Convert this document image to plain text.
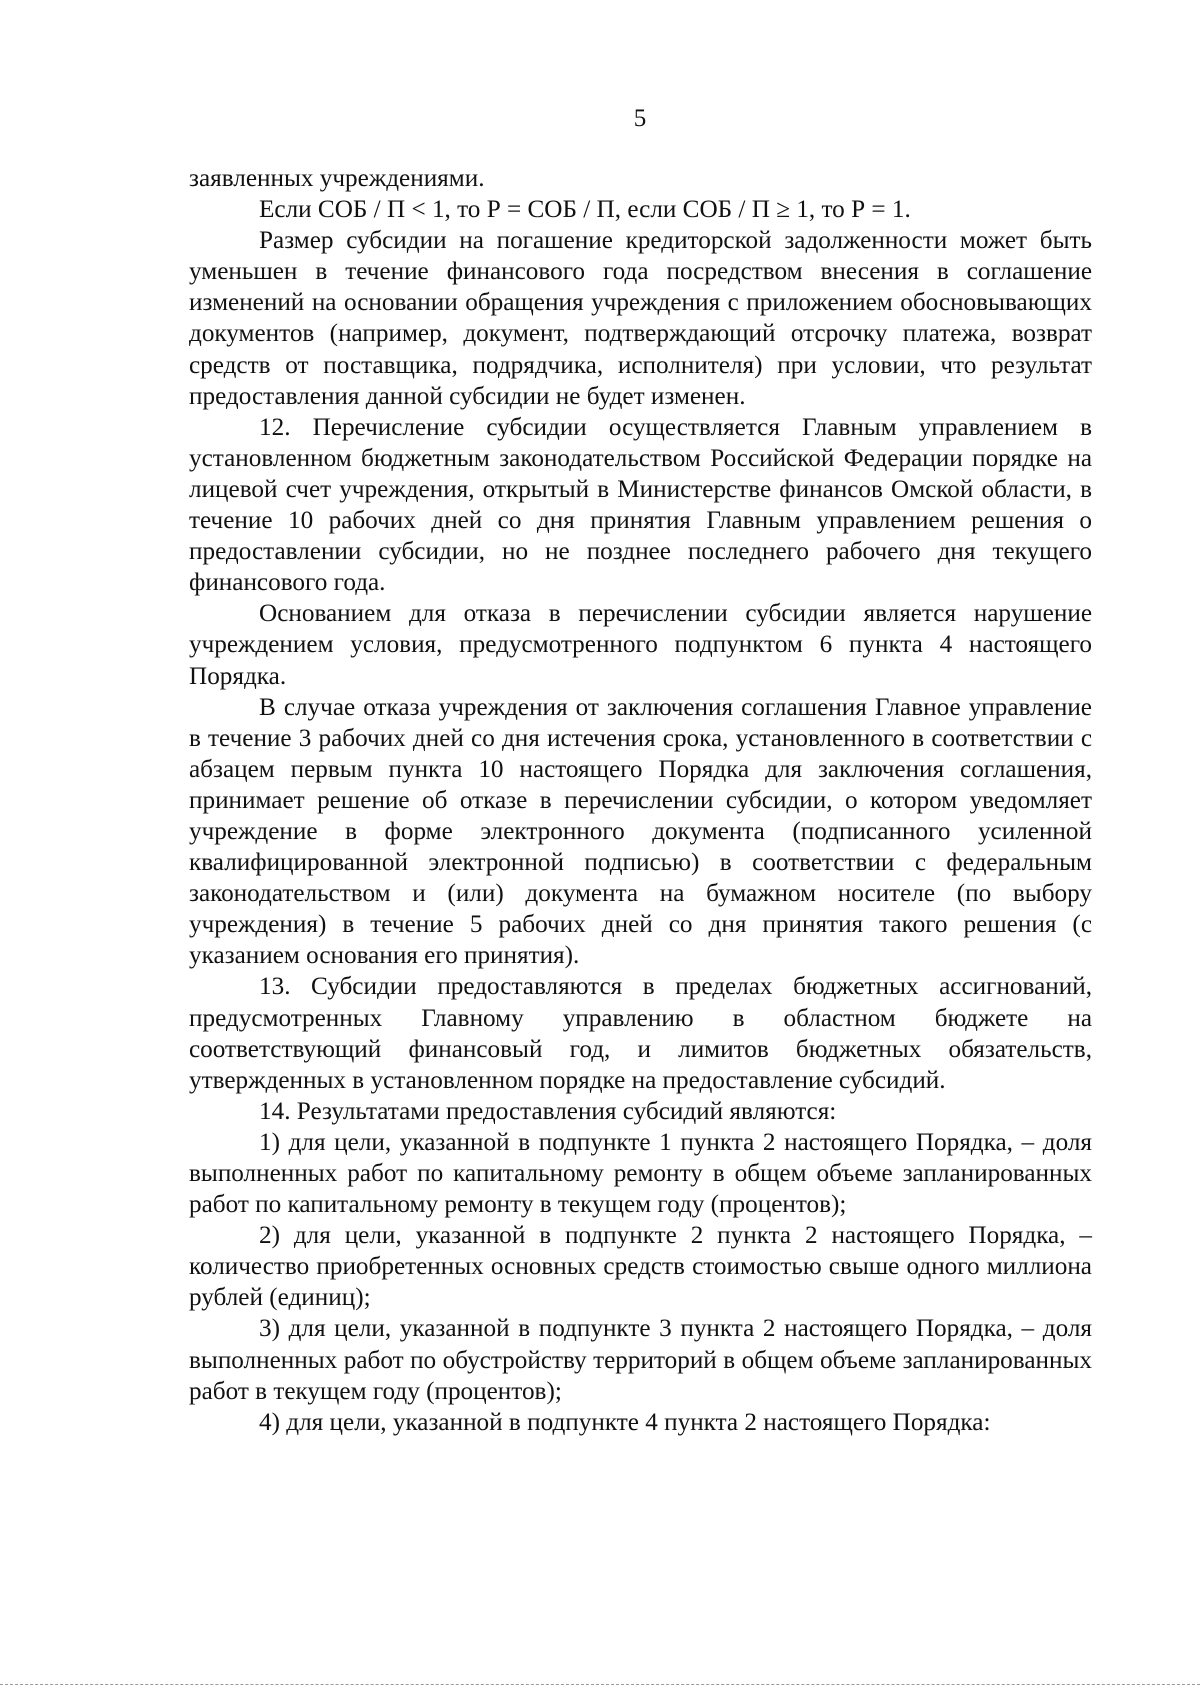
5

заявленных учреждениями.

Если СОБ / П < 1, то Р = СОБ / П, если СОБ / П ≥ 1, то Р = 1.

Размер субсидии на погашение кредиторской задолженности может быть уменьшен в течение финансового года посредством внесения в соглашение изменений на основании обращения учреждения с приложением обосновывающих документов (например, документ, подтверждающий отсрочку платежа, возврат средств от поставщика, подрядчика, исполнителя) при условии, что результат предоставления данной субсидии не будет изменен.

12. Перечисление субсидии осуществляется Главным управлением в установленном бюджетным законодательством Российской Федерации порядке на лицевой счет учреждения, открытый в Министерстве финансов Омской области, в течение 10 рабочих дней со дня принятия Главным управлением решения о предоставлении субсидии, но не позднее последнего рабочего дня текущего финансового года.

Основанием для отказа в перечислении субсидии является нарушение учреждением условия, предусмотренного подпунктом 6 пункта 4 настоящего Порядка.

В случае отказа учреждения от заключения соглашения Главное управление в течение 3 рабочих дней со дня истечения срока, установленного в соответствии с абзацем первым пункта 10 настоящего Порядка для заключения соглашения, принимает решение об отказе в перечислении субсидии, о котором уведомляет учреждение в форме электронного документа (подписанного усиленной квалифицированной электронной подписью) в соответствии с федеральным законодательством и (или) документа на бумажном носителе (по выбору учреждения) в течение 5 рабочих дней со дня принятия такого решения (с указанием основания его принятия).

13. Субсидии предоставляются в пределах бюджетных ассигнований, предусмотренных Главному управлению в областном бюджете на соответствующий финансовый год, и лимитов бюджетных обязательств, утвержденных в установленном порядке на предоставление субсидий.

14. Результатами предоставления субсидий являются:

1) для цели, указанной в подпункте 1 пункта 2 настоящего Порядка, – доля выполненных работ по капитальному ремонту в общем объеме запланированных работ по капитальному ремонту в текущем году (процентов);

2) для цели, указанной в подпункте 2 пункта 2 настоящего Порядка, – количество приобретенных основных средств стоимостью свыше одного миллиона рублей (единиц);

3) для цели, указанной в подпункте 3 пункта 2 настоящего Порядка, – доля выполненных работ по обустройству территорий в общем объеме запланированных работ в текущем году (процентов);

4) для цели, указанной в подпункте 4 пункта 2 настоящего Порядка:
